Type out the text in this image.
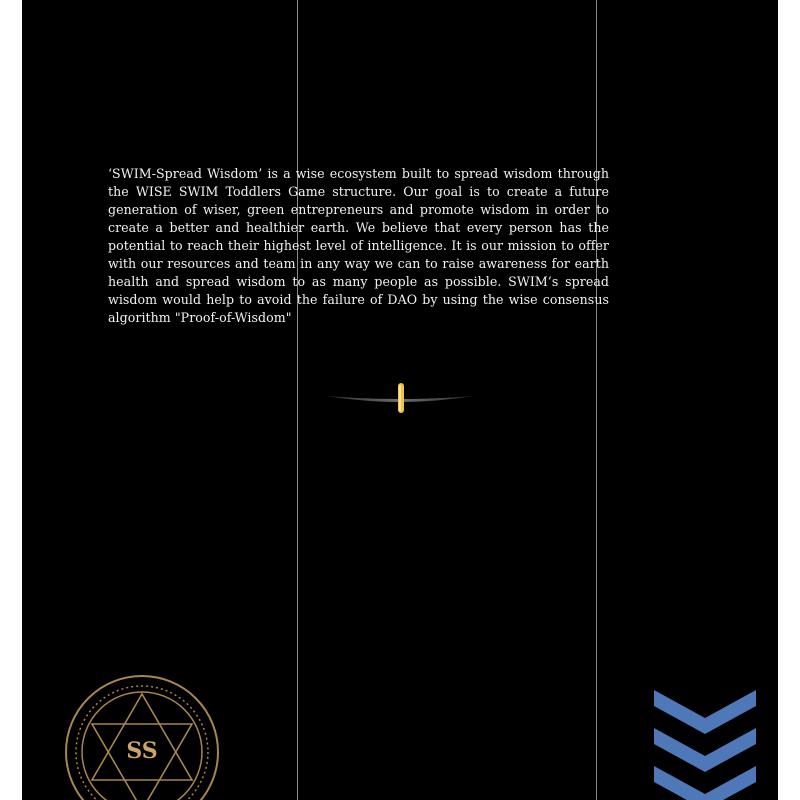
‘SWIM-Spread Wisdom’ is a wise ecosystem built to spread wisdom through the WISE SWIM Toddlers Game structure. Our goal is to create a future generation of wiser, green entrepreneurs and promote wisdom in order to create a better and healthier earth. We believe that every person has the potential to reach their highest level of intelligence. It is our mission to offer with our resources and team in any way we can to raise awareness for earth health and spread wisdom to as many people as possible. SWIM’s spread wisdom would help to avoid the failure of DAO by using the wise consensus algorithm "Proof-of-Wisdom"

SS
